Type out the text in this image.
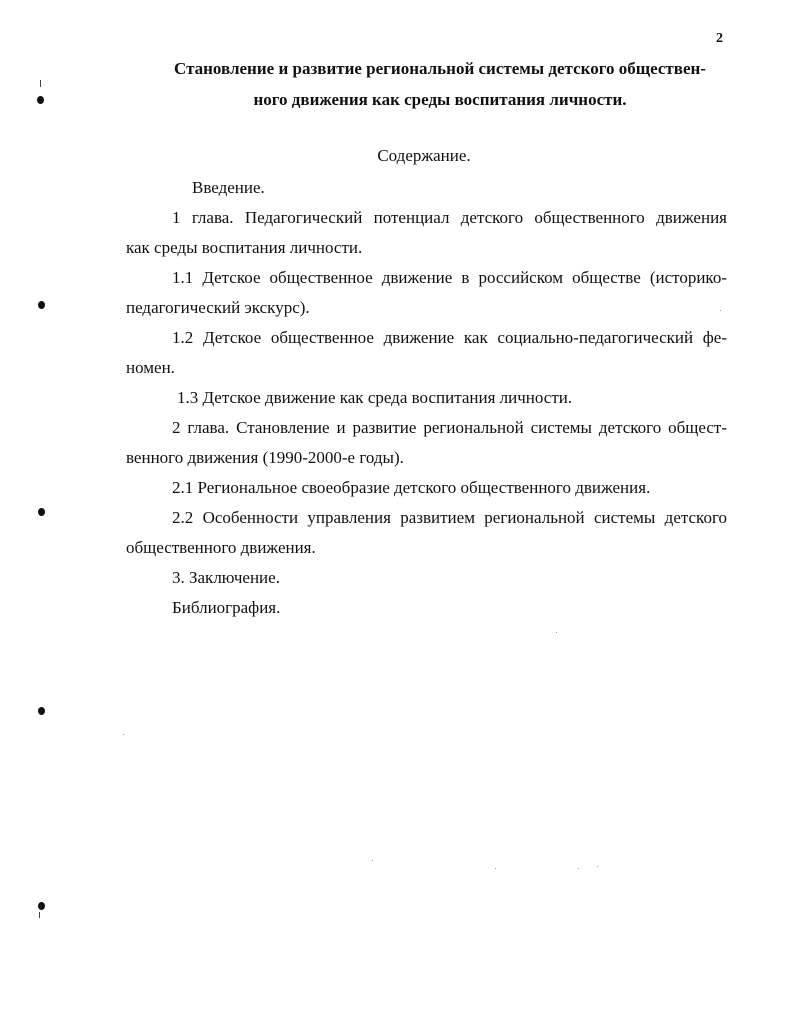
2
Становление и развитие региональной системы детского обществен-
ного движения как среды воспитания личности.
Содержание.
Введение.
1 глава. Педагогический потенциал детского общественного движения
как среды воспитания личности.
1.1 Детское общественное движение в российском обществе (историко-
педагогический экскурс).
1.2 Детское общественное движение как социально-педагогический фе-
номен.
1.3 Детское движение как среда воспитания личности.
2 глава. Становление и развитие региональной системы детского общест-
венного движения (1990-2000-е годы).
2.1 Региональное своеобразие детского общественного движения.
2.2 Особенности управления развитием региональной системы детского
общественного движения.
3. Заключение.
Библиография.
